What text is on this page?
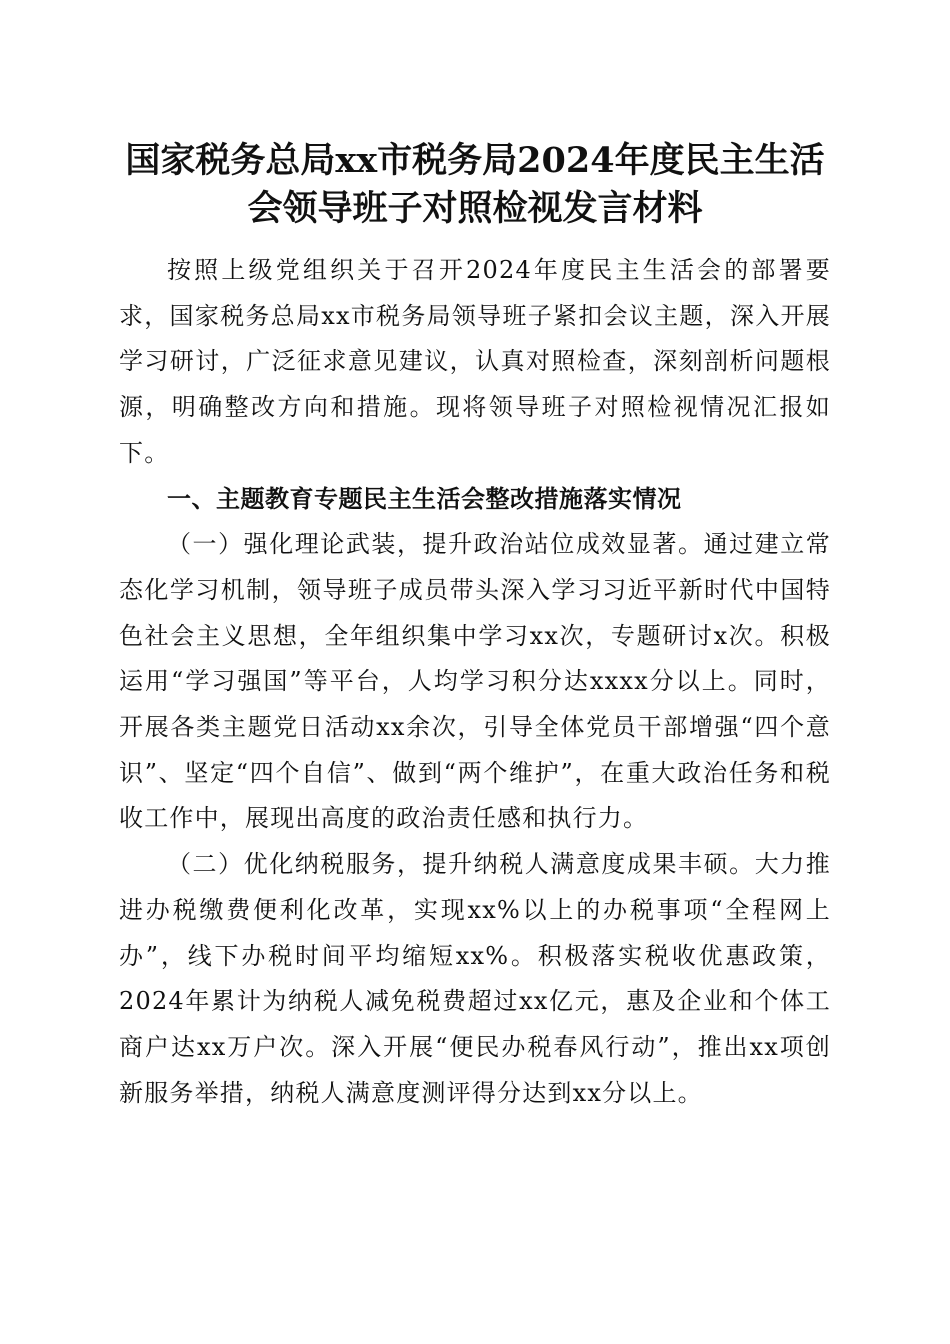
国家税务总局xx市税务局2024年度民主生活
会领导班子对照检视发言材料

按照上级党组织关于召开2024年度民主生活会的部署要求，国家税务总局xx市税务局领导班子紧扣会议主题，深入开展学习研讨，广泛征求意见建议，认真对照检查，深刻剖析问题根源，明确整改方向和措施。现将领导班子对照检视情况汇报如下。

一、主题教育专题民主生活会整改措施落实情况

（一）强化理论武装，提升政治站位成效显著。通过建立常态化学习机制，领导班子成员带头深入学习习近平新时代中国特色社会主义思想，全年组织集中学习xx次，专题研讨x次。积极运用“学习强国”等平台，人均学习积分达xxxx分以上。同时，开展各类主题党日活动xx余次，引导全体党员干部增强“四个意识”、坚定“四个自信”、做到“两个维护”，在重大政治任务和税收工作中，展现出高度的政治责任感和执行力。

（二）优化纳税服务，提升纳税人满意度成果丰硕。大力推进办税缴费便利化改革，实现xx%以上的办税事项“全程网上办”，线下办税时间平均缩短xx%。积极落实税收优惠政策，2024年累计为纳税人减免税费超过xx亿元，惠及企业和个体工商户达xx万户次。深入开展“便民办税春风行动”，推出xx项创新服务举措，纳税人满意度测评得分达到xx分以上。
